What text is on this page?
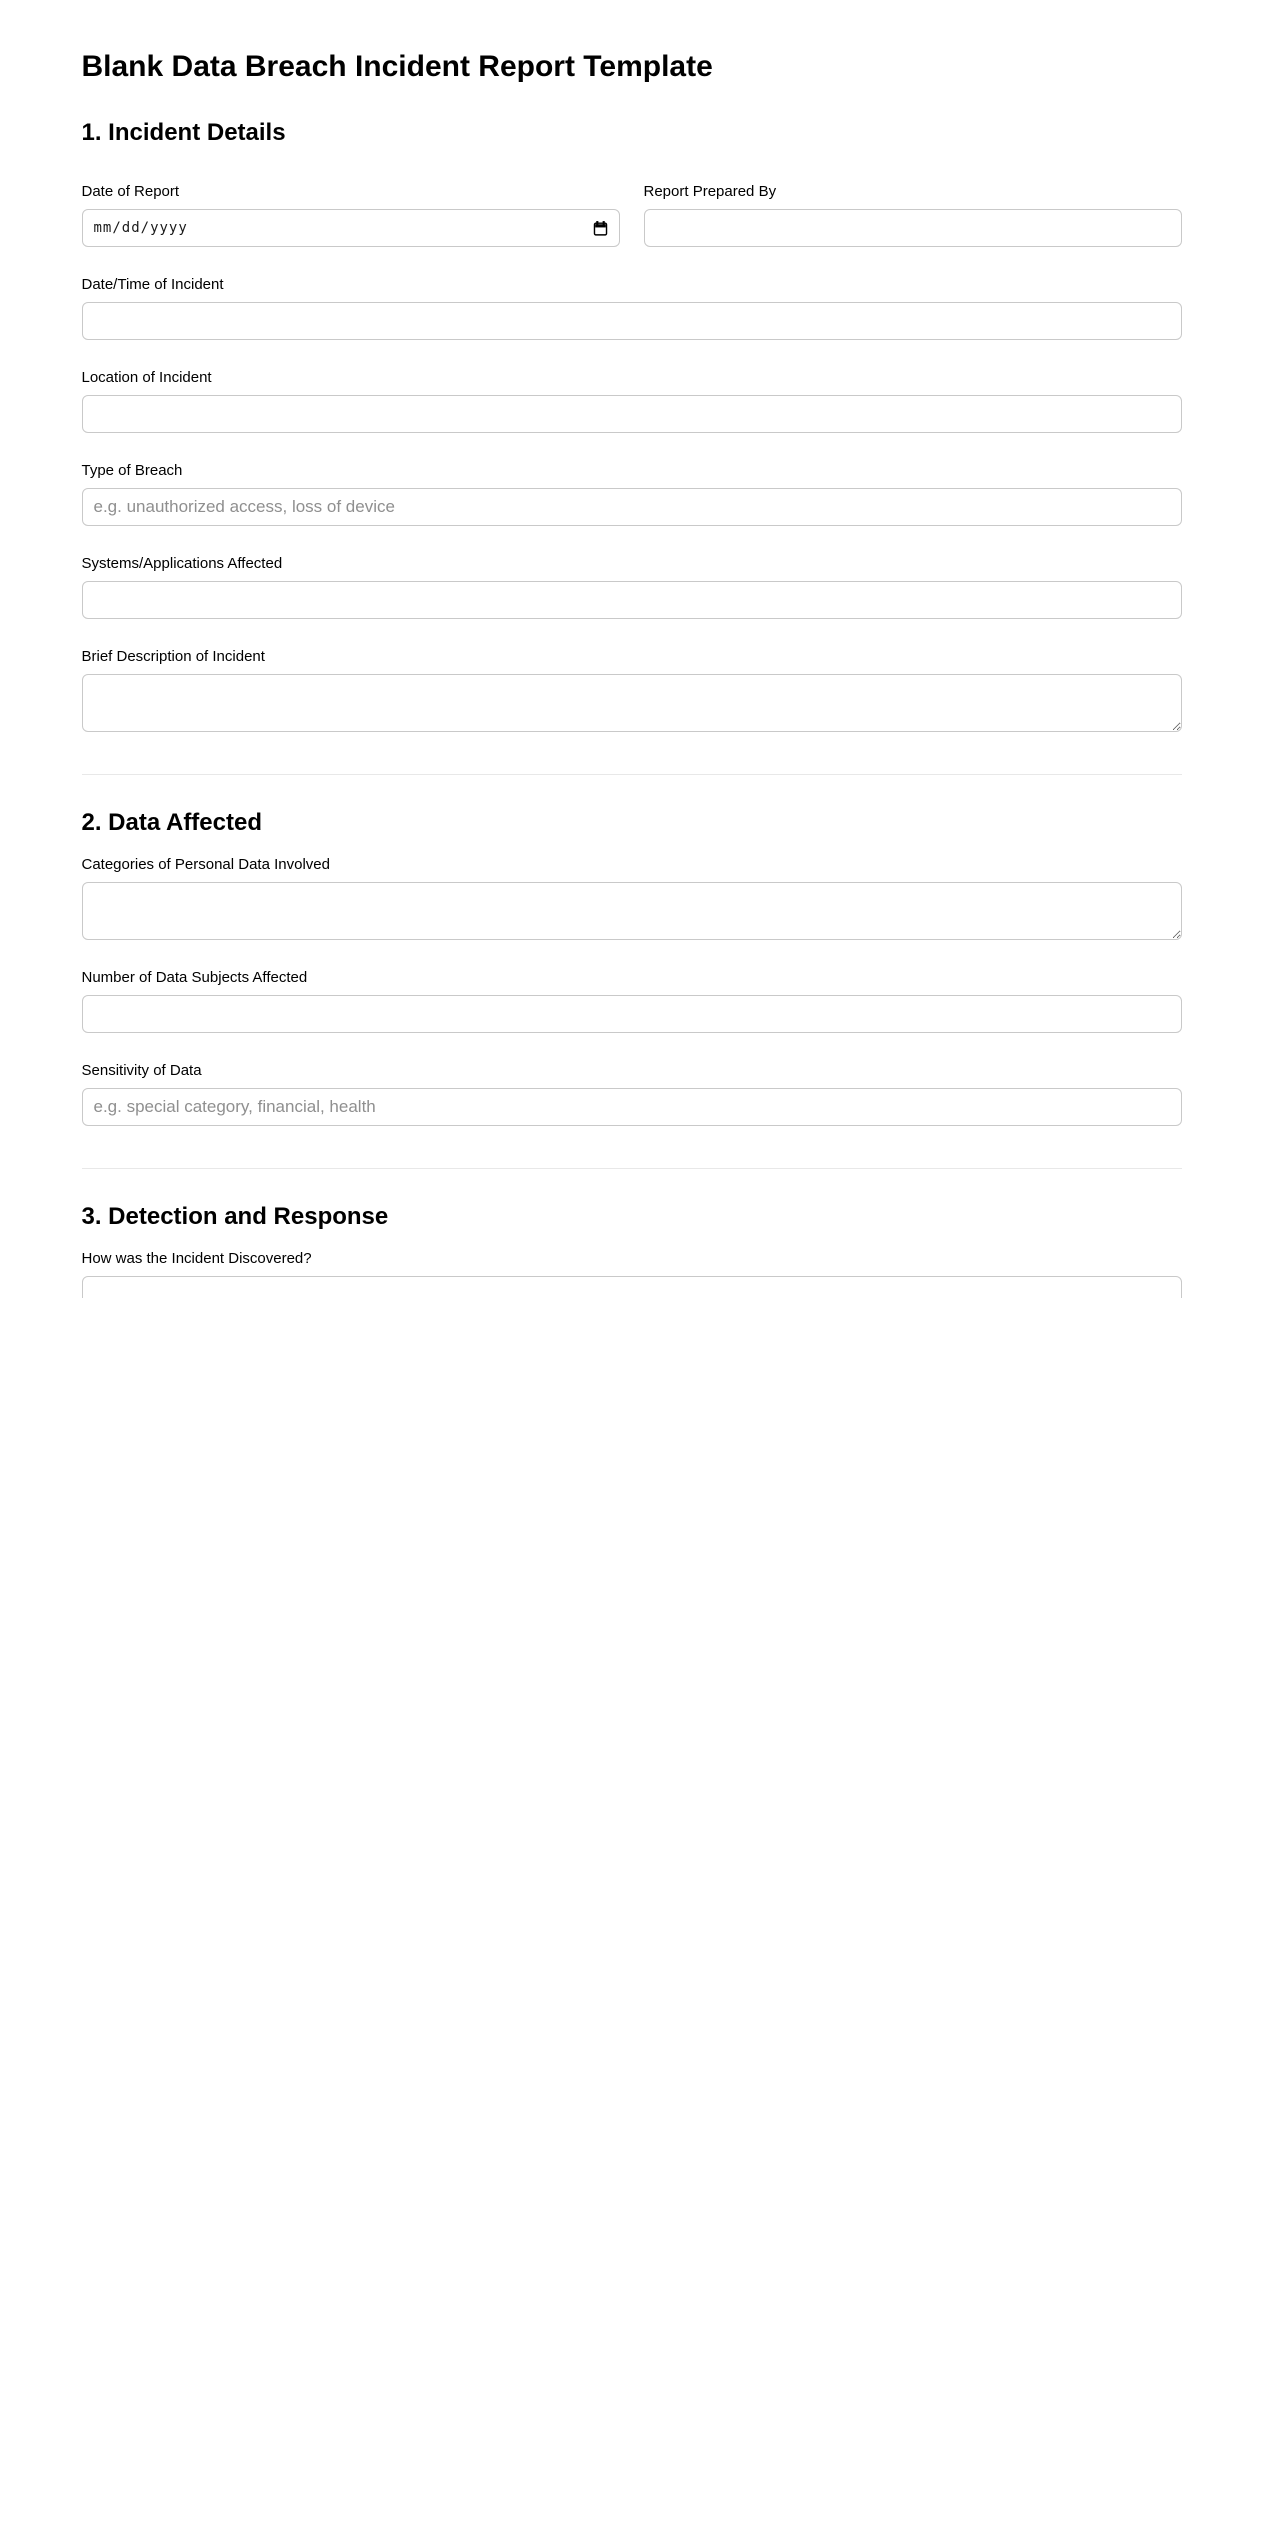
Blank Data Breach Incident Report Template
1. Incident Details
Date of Report
mm/dd/yyyy
Report Prepared By
Date/Time of Incident
Location of Incident
Type of Breach
e.g. unauthorized access, loss of device
Systems/Applications Affected
Brief Description of Incident
2. Data Affected
Categories of Personal Data Involved
Number of Data Subjects Affected
Sensitivity of Data
e.g. special category, financial, health
3. Detection and Response
How was the Incident Discovered?
